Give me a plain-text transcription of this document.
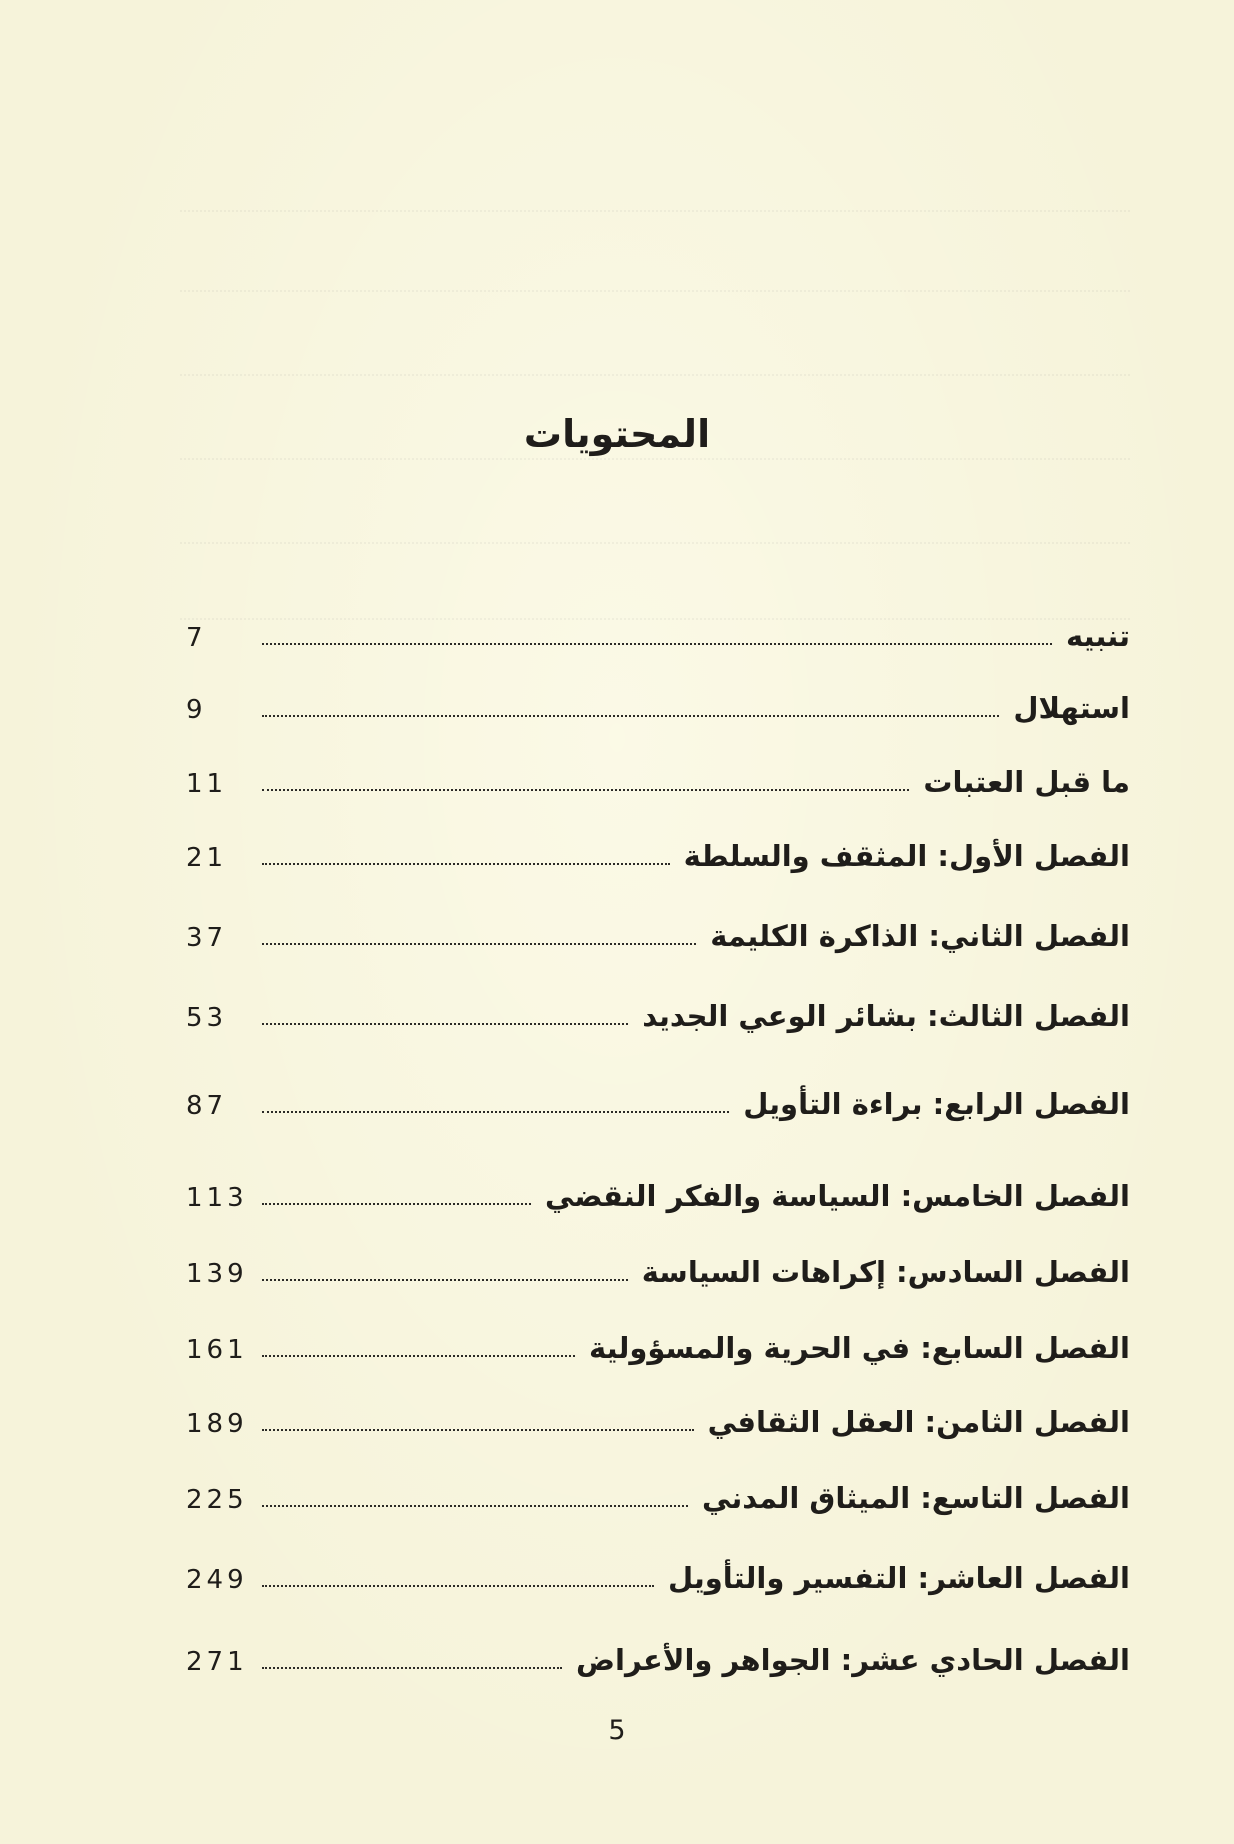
المحتويات
تنبيه
7
استهلال
9
ما قبل العتبات
11
الفصل الأول: المثقف والسلطة
21
الفصل الثاني: الذاكرة الكليمة
37
الفصل الثالث: بشائر الوعي الجديد
53
الفصل الرابع: براءة التأويل
87
الفصل الخامس: السياسة والفكر النقضي
113
الفصل السادس: إكراهات السياسة
139
الفصل السابع: في الحرية والمسؤولية
161
الفصل الثامن: العقل الثقافي
189
الفصل التاسع: الميثاق المدني
225
الفصل العاشر: التفسير والتأويل
249
الفصل الحادي عشر: الجواهر والأعراض
271
5
